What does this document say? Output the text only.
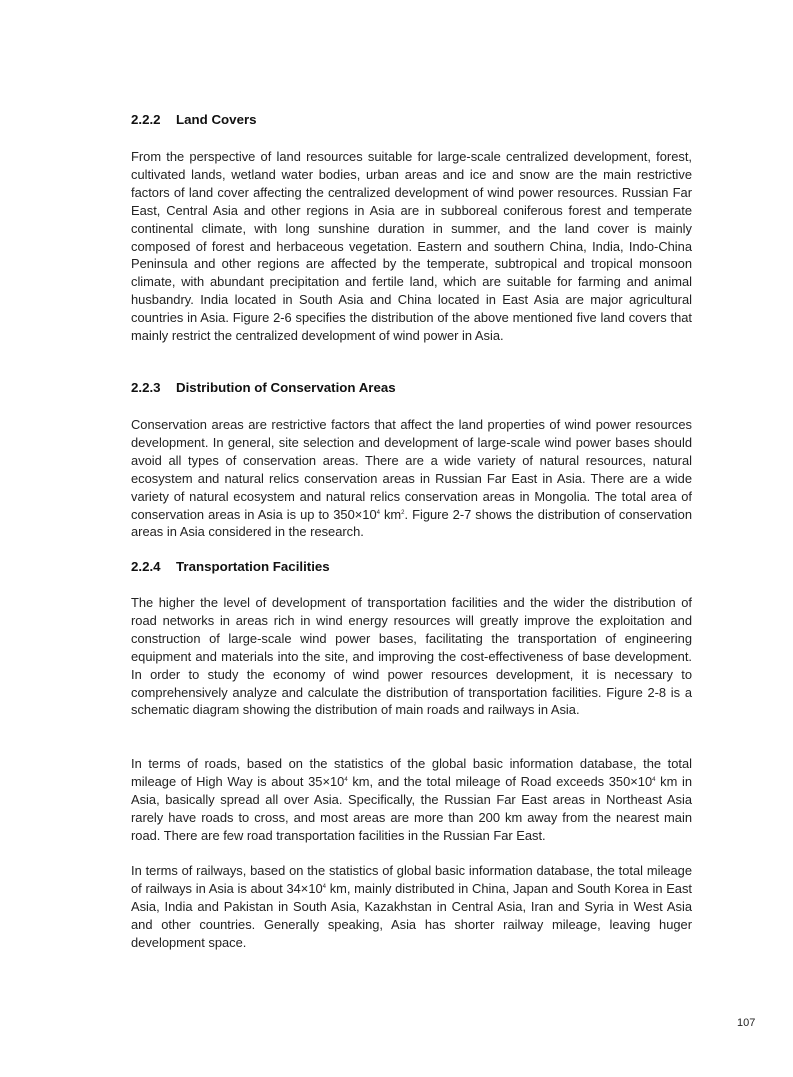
2.2.2 Land Covers

From the perspective of land resources suitable for large-scale centralized development, forest, cultivated lands, wetland water bodies, urban areas and ice and snow are the main restrictive factors of land cover affecting the centralized development of wind power resources. Russian Far East, Central Asia and other regions in Asia are in subboreal coniferous forest and temperate continental climate, with long sunshine duration in summer, and the land cover is mainly composed of forest and herbaceous vegetation. Eastern and southern China, India, Indo-China Peninsula and other regions are affected by the temperate, subtropical and tropical monsoon climate, with abundant precipitation and fertile land, which are suitable for farming and animal husbandry. India located in South Asia and China located in East Asia are major agricultural countries in Asia. Figure 2-6 specifies the distribution of the above mentioned five land covers that mainly restrict the centralized development of wind power in Asia.

2.2.3 Distribution of Conservation Areas

Conservation areas are restrictive factors that affect the land properties of wind power resources development. In general, site selection and development of large-scale wind power bases should avoid all types of conservation areas. There are a wide variety of natural resources, natural ecosystem and natural relics conservation areas in Russian Far East in Asia. There are a wide variety of natural ecosystem and natural relics conservation areas in Mongolia. The total area of conservation areas in Asia is up to $350\times 10^4$ $km^2$. Figure 2-7 shows the distribution of conservation areas in Asia considered in the research.

2.2.4 Transportation Facilities

The higher the level of development of transportation facilities and the wider the distribution of road networks in areas rich in wind energy resources will greatly improve the exploitation and construction of large-scale wind power bases, facilitating the transportation of engineering equipment and materials into the site, and improving the cost-effectiveness of base development. In order to study the economy of wind power resources development, it is necessary to comprehensively analyze and calculate the distribution of transportation facilities. Figure 2-8 is a schematic diagram showing the distribution of main roads and railways in Asia.

In terms of roads, based on the statistics of the global basic information database, the total mileage of High Way is about $35\times 10^4$ km, and the total mileage of Road exceeds $350\times 10^4$ km in Asia, basically spread all over Asia. Specifically, the Russian Far East areas in Northeast Asia rarely have roads to cross, and most areas are more than 200 km away from the nearest main road. There are few road transportation facilities in the Russian Far East.

In terms of railways, based on the statistics of global basic information database, the total mileage of railways in Asia is about $34\times 10^4$ km, mainly distributed in China, Japan and South Korea in East Asia, India and Pakistan in South Asia, Kazakhstan in Central Asia, Iran and Syria in West Asia and other countries. Generally speaking, Asia has shorter railway mileage, leaving huger development space.

107
